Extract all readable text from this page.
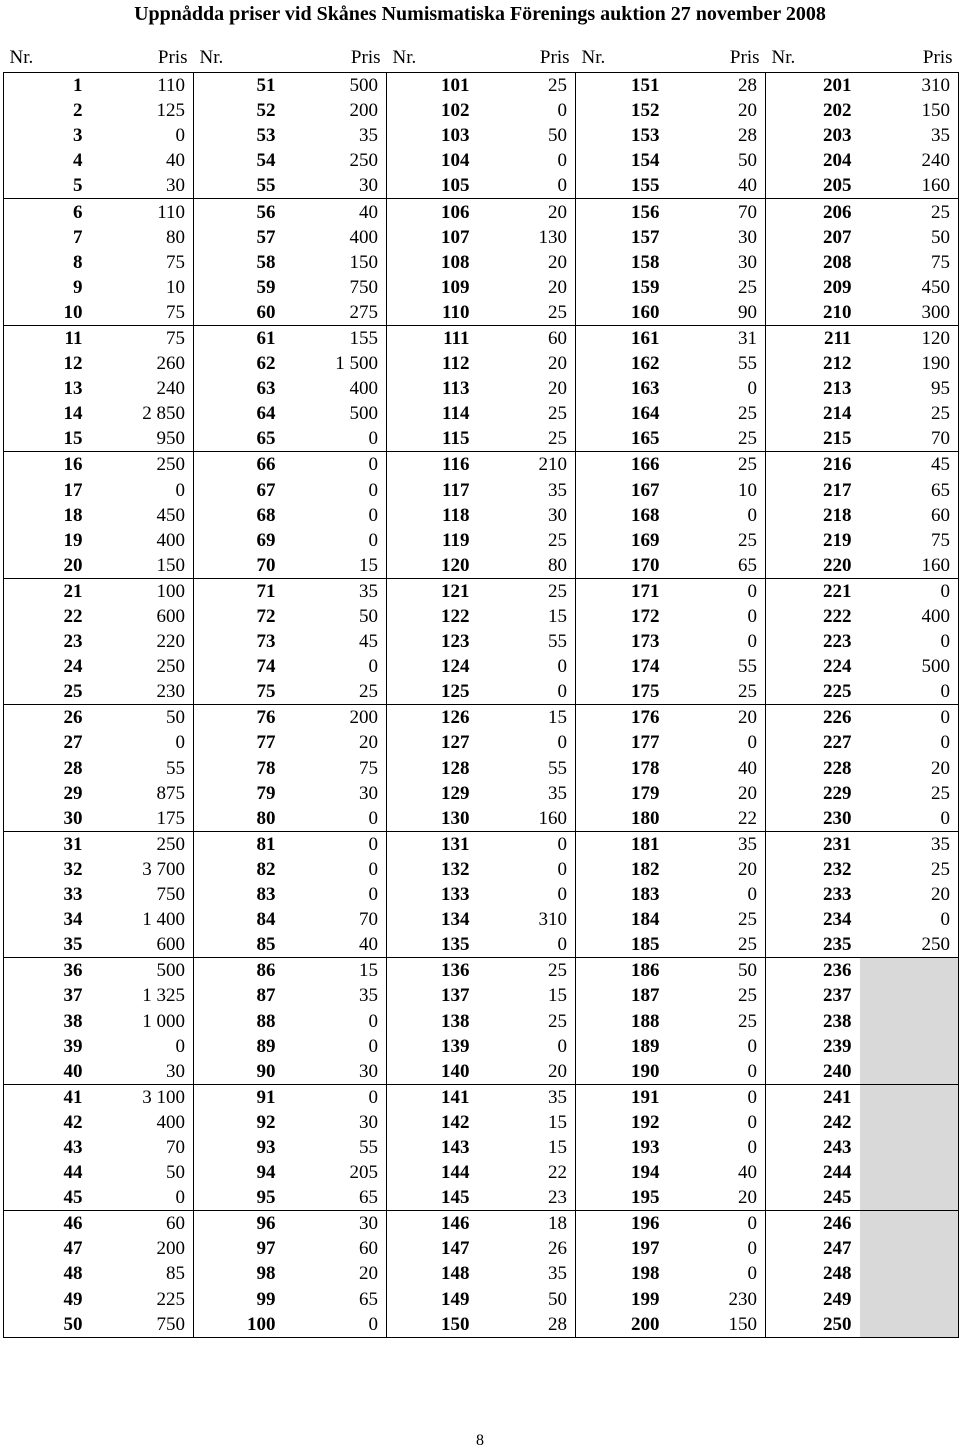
Uppnådda priser vid Skånes Numismatiska Förenings auktion 27 november 2008
Nr.	Pris	Nr.	Pris	Nr.	Pris	Nr.	Pris	Nr.	Pris
1	110	51	500	101	25	151	28	201	310
2	125	52	200	102	0	152	20	202	150
3	0	53	35	103	50	153	28	203	35
4	40	54	250	104	0	154	50	204	240
5	30	55	30	105	0	155	40	205	160
6	110	56	40	106	20	156	70	206	25
7	80	57	400	107	130	157	30	207	50
8	75	58	150	108	20	158	30	208	75
9	10	59	750	109	20	159	25	209	450
10	75	60	275	110	25	160	90	210	300
11	75	61	155	111	60	161	31	211	120
12	260	62	1 500	112	20	162	55	212	190
13	240	63	400	113	20	163	0	213	95
14	2 850	64	500	114	25	164	25	214	25
15	950	65	0	115	25	165	25	215	70
16	250	66	0	116	210	166	25	216	45
17	0	67	0	117	35	167	10	217	65
18	450	68	0	118	30	168	0	218	60
19	400	69	0	119	25	169	25	219	75
20	150	70	15	120	80	170	65	220	160
21	100	71	35	121	25	171	0	221	0
22	600	72	50	122	15	172	0	222	400
23	220	73	45	123	55	173	0	223	0
24	250	74	0	124	0	174	55	224	500
25	230	75	25	125	0	175	25	225	0
26	50	76	200	126	15	176	20	226	0
27	0	77	20	127	0	177	0	227	0
28	55	78	75	128	55	178	40	228	20
29	875	79	30	129	35	179	20	229	25
30	175	80	0	130	160	180	22	230	0
31	250	81	0	131	0	181	35	231	35
32	3 700	82	0	132	0	182	20	232	25
33	750	83	0	133	0	183	0	233	20
34	1 400	84	70	134	310	184	25	234	0
35	600	85	40	135	0	185	25	235	250
36	500	86	15	136	25	186	50	236	
37	1 325	87	35	137	15	187	25	237	
38	1 000	88	0	138	25	188	25	238	
39	0	89	0	139	0	189	0	239	
40	30	90	30	140	20	190	0	240	
41	3 100	91	0	141	35	191	0	241	
42	400	92	30	142	15	192	0	242	
43	70	93	55	143	15	193	0	243	
44	50	94	205	144	22	194	40	244	
45	0	95	65	145	23	195	20	245	
46	60	96	30	146	18	196	0	246	
47	200	97	60	147	26	197	0	247	
48	85	98	20	148	35	198	0	248	
49	225	99	65	149	50	199	230	249	
50	750	100	0	150	28	200	150	250	
8
